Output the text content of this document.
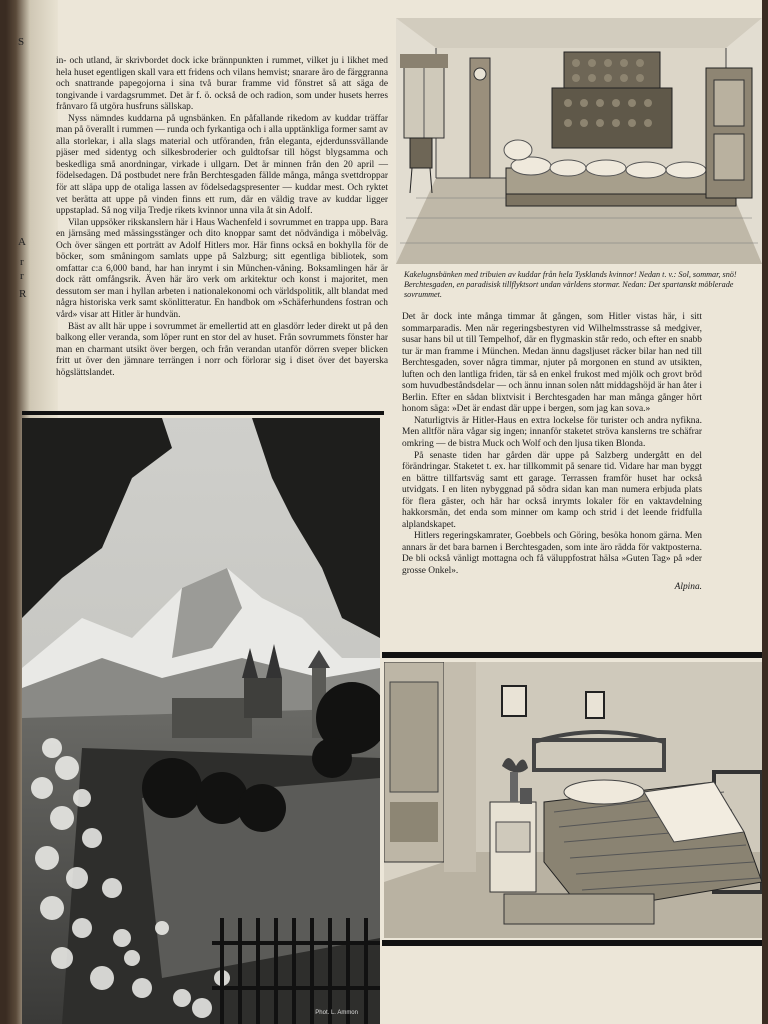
S
A
r
r
R

in- och utland, är skrivbordet dock icke brännpunkten i rummet, vilket ju i likhet med hela huset egentligen skall vara ett fridens och vilans hemvist; snarare äro de färggranna och snattrande papegojorna i sina två burar framme vid fönstret så att säga de tongivande i vardagsrummet. Det är f. ö. också de och radion, som under husets herres frånvaro få utgöra husfruns sällskap.

Nyss nämndes kuddarna på ugnsbänken. En påfallande rikedom av kuddar träffar man på överallt i rummen — runda och fyrkantiga och i alla upptänkliga former samt av alla storlekar, i alla slags material och utföranden, från eleganta, ejderdunssvällande pjäser med sidentyg och silkesbroderier och guldtofsar till högst blygsamma och beskedliga små anordningar, virkade i ullgarn. Det är minnen från den 20 april — födelsedagen. Då postbudet nere från Berchtesgaden fällde många, många svettdroppar för att släpa upp de otaliga lassen av födelsedagspresenter — kuddar mest. Och ryktet vet berätta att uppe på vinden finns ett rum, där en väldig trave av kuddar ligger uppstaplad. Så nog vilja Tredje rikets kvinnor unna vila åt sin Adolf.

Vilan uppsöker rikskanslern här i Haus Wachenfeld i sovrummet en trappa upp. Bara en järnsäng med mässingsstänger och dito knoppar samt det nödvändiga i möbelväg. Och över sängen ett porträtt av Adolf Hitlers mor. Här finns också en bokhylla för de böcker, som småningom samlats uppe på Salzburg; sitt egentliga bibliotek, som omfattar c:a 6,000 band, har han inrymt i sin München-våning. Boksamlingen här är dock rätt omfångsrik. Även här äro verk om arkitektur och konst i majoritet, men dessutom ser man i hyllan arbeten i nationalekonomi och världspolitik, allt blandat med några historiska verk samt skönlitteratur. En handbok om »Schäferhundens fostran och vård» visar att Hitler är hundvän.

Bäst av allt här uppe i sovrummet är emellertid att en glasdörr leder direkt ut på den balkong eller veranda, som löper runt en stor del av huset. Från sovrummets fönster har man en charmant utsikt över bergen, och från verandan utanför dörren sveper blicken fritt ut över den jämnare terrängen i norr och förlorar sig i diset över det bayerska högslättslandet.

Kakelugnsbänken med tribuien av kuddar från hela Tysklands kvinnor! Nedan t. v.: Sol, sommar, snö! Berchtesgaden, en paradisisk tillflyktsort undan världens stormar. Nedan: Det spartanskt möblerade sovrummet.

Det är dock inte många timmar åt gången, som Hitler vistas här, i sitt sommarparadis. Men när regeringsbestyren vid Wilhelmsstrasse så medgiver, susar hans bil ut till Tempelhof, där en flygmaskin står redo, och efter en snabb tur är man framme i München. Medan ännu dagsljuset räcker bilar han ned till Berchtesgaden, sover några timmar, njuter på morgonen en stund av utsikten, luften och den lantliga friden, tär så en enkel frukost med mjölk och grovt bröd som huvudbeståndsdelar — och ännu innan solen nått middagshöjd är han åter i Berlin. Efter en sådan blixtvisit i Berchtesgaden har man många gånger hört honom säga: »Det är endast där uppe i bergen, som jag kan sova.»

Naturligtvis är Hitler-Haus en extra lockelse för turister och andra nyfikna. Men alltför nära vågar sig ingen; innanför staketet ströva kanslerns tre schäfrar omkring — de bistra Muck och Wolf och den ljusa tiken Blonda.

På senaste tiden har gården där uppe på Salzberg undergått en del förändringar. Staketet t. ex. har tillkommit på senare tid. Vidare har man byggt en bättre tillfartsväg samt ett garage. Terrassen framför huset har också utvidgats. I en liten nybyggnad på södra sidan kan man numera erbjuda plats för flera gäster, och här har också inrymts lokaler för en vaktavdelning hakkorsmän, det enda som minner om kamp och strid i det leende fridfulla alplandskapet.

Hitlers regeringskamrater, Goebbels och Göring, besöka honom gärna. Men annars är det bara barnen i Berchtesgaden, som inte äro rädda för vaktposterna. De bli också vänligt mottagna och få väluppfostrat hälsa »Guten Tag» på »der grosse Onkel».

Alpina.
Phot. L. Ammon
